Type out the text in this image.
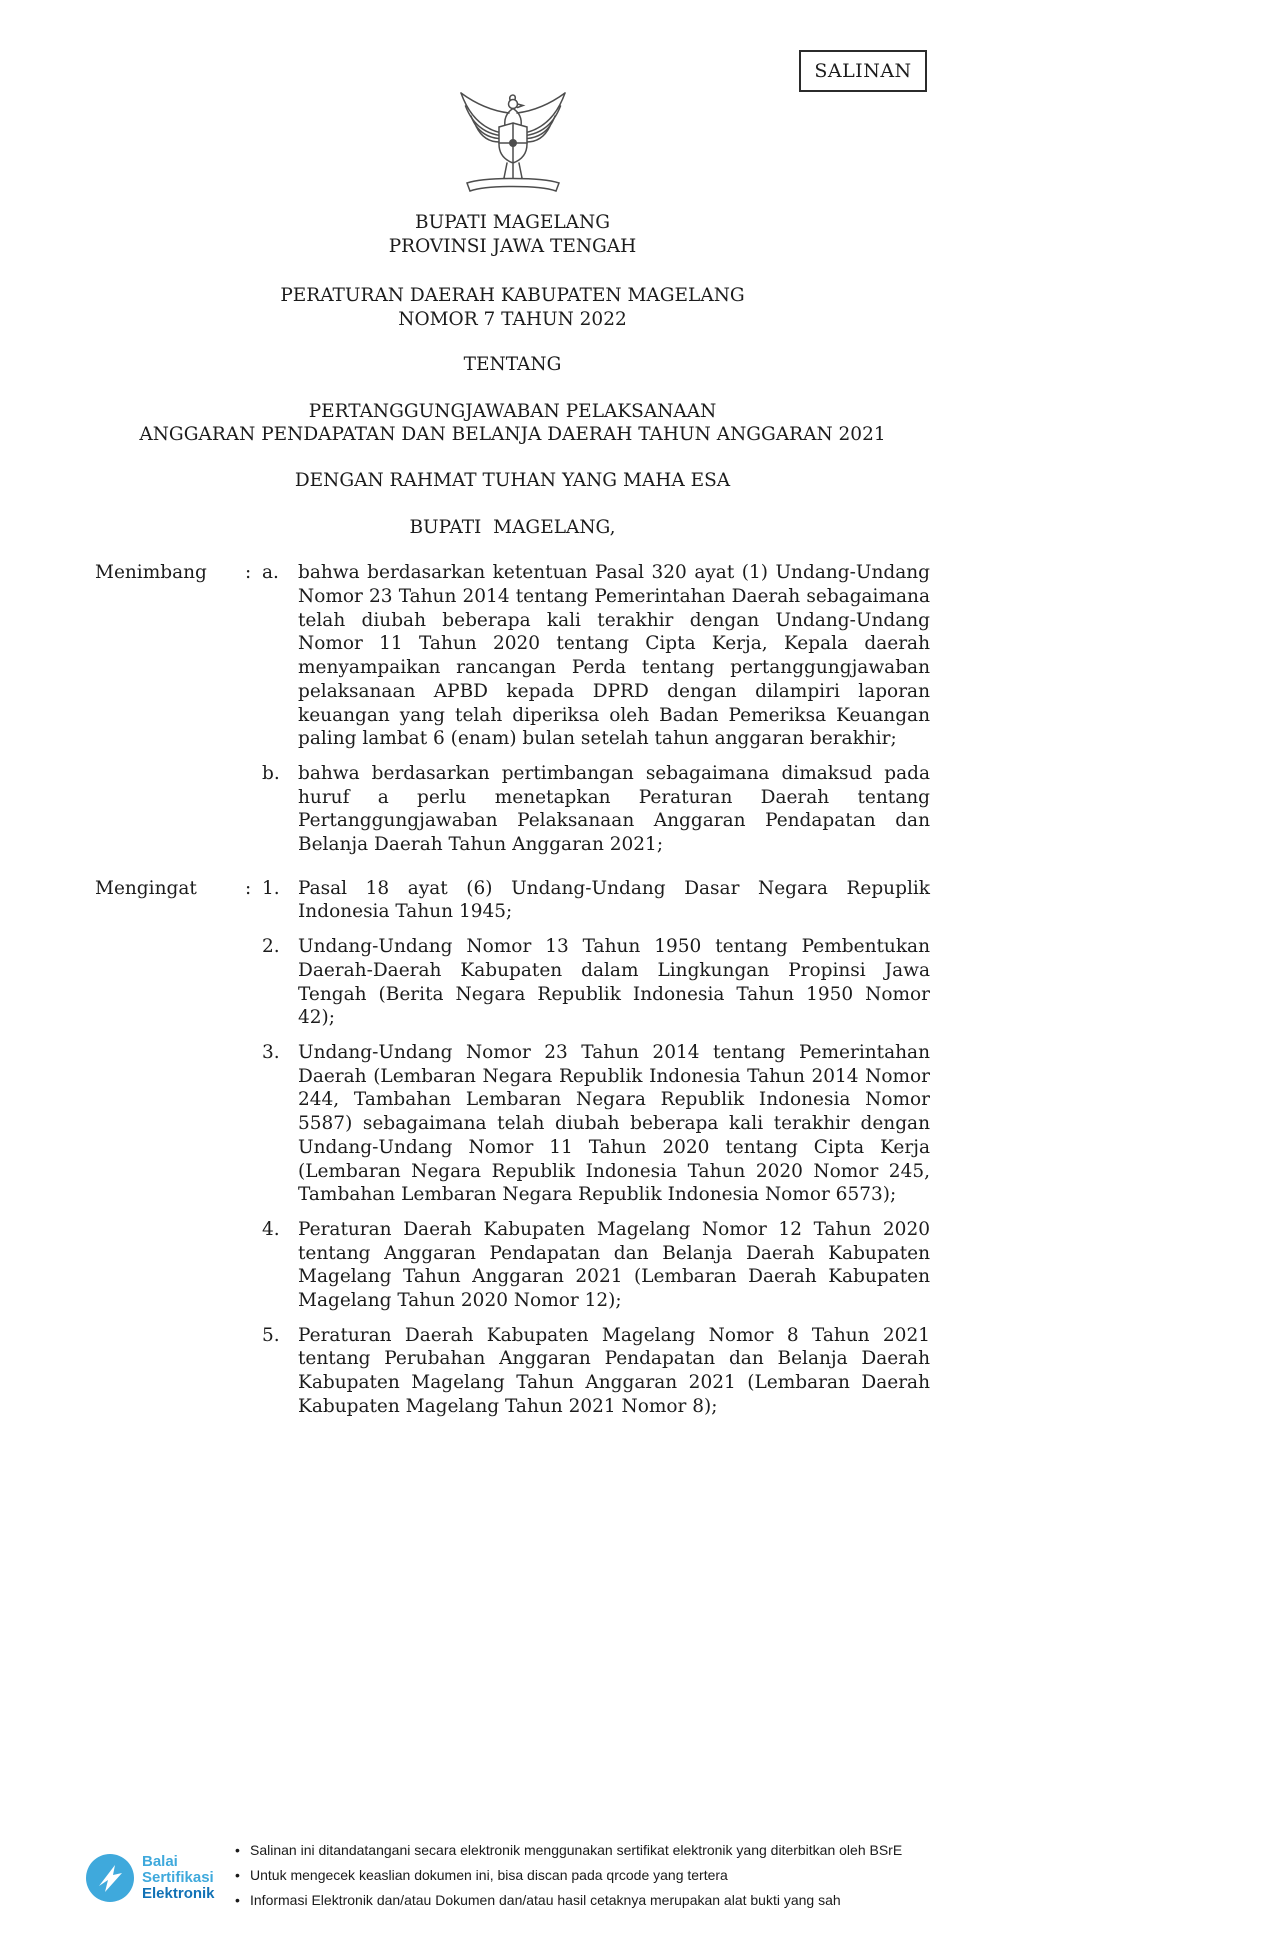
SALINAN
BUPATI MAGELANG
PROVINSI JAWA TENGAH
PERATURAN DAERAH KABUPATEN MAGELANG
NOMOR 7 TAHUN 2022
TENTANG
PERTANGGUNGJAWABAN PELAKSANAAN
ANGGARAN PENDAPATAN DAN BELANJA DAERAH TAHUN ANGGARAN 2021
DENGAN RAHMAT TUHAN YANG MAHA ESA
BUPATI  MAGELANG,
Menimbang	: a.	bahwa berdasarkan ketentuan Pasal 320 ayat (1) Undang-Undang Nomor 23 Tahun 2014 tentang Pemerintahan Daerah sebagaimana telah diubah beberapa kali terakhir dengan Undang-Undang Nomor 11 Tahun 2020 tentang Cipta Kerja, Kepala daerah menyampaikan rancangan Perda tentang pertanggungjawaban pelaksanaan APBD kepada DPRD dengan dilampiri laporan keuangan yang telah diperiksa oleh Badan Pemeriksa Keuangan paling lambat 6 (enam) bulan setelah tahun anggaran berakhir;
b. bahwa berdasarkan pertimbangan sebagaimana dimaksud pada huruf a perlu menetapkan Peraturan Daerah tentang Pertanggungjawaban Pelaksanaan Anggaran Pendapatan dan Belanja Daerah Tahun Anggaran 2021;
Mengingat	: 1. Pasal 18 ayat (6) Undang-Undang Dasar Negara Repuplik Indonesia Tahun 1945;
2. Undang-Undang Nomor 13 Tahun 1950 tentang Pembentukan Daerah-Daerah Kabupaten dalam Lingkungan Propinsi Jawa Tengah (Berita Negara Republik Indonesia Tahun 1950 Nomor 42);
3. Undang-Undang Nomor 23 Tahun 2014 tentang Pemerintahan Daerah (Lembaran Negara Republik Indonesia Tahun 2014 Nomor 244, Tambahan Lembaran Negara Republik Indonesia Nomor 5587) sebagaimana telah diubah beberapa kali terakhir dengan Undang-Undang Nomor 11 Tahun 2020 tentang Cipta Kerja (Lembaran Negara Republik Indonesia Tahun 2020 Nomor 245, Tambahan Lembaran Negara Republik Indonesia Nomor 6573);
4. Peraturan Daerah Kabupaten Magelang Nomor 12 Tahun 2020 tentang Anggaran Pendapatan dan Belanja Daerah Kabupaten Magelang Tahun Anggaran 2021 (Lembaran Daerah Kabupaten Magelang Tahun 2020 Nomor 12);
5. Peraturan Daerah Kabupaten Magelang Nomor 8 Tahun 2021 tentang Perubahan Anggaran Pendapatan dan Belanja Daerah Kabupaten Magelang Tahun Anggaran 2021 (Lembaran Daerah Kabupaten Magelang Tahun 2021 Nomor 8);
Balai
Sertifikasi
Elektronik
• Salinan ini ditandatangani secara elektronik menggunakan sertifikat elektronik yang diterbitkan oleh BSrE
• Untuk mengecek keaslian dokumen ini, bisa discan pada qrcode yang tertera
• Informasi Elektronik dan/atau Dokumen dan/atau hasil cetaknya merupakan alat bukti yang sah
